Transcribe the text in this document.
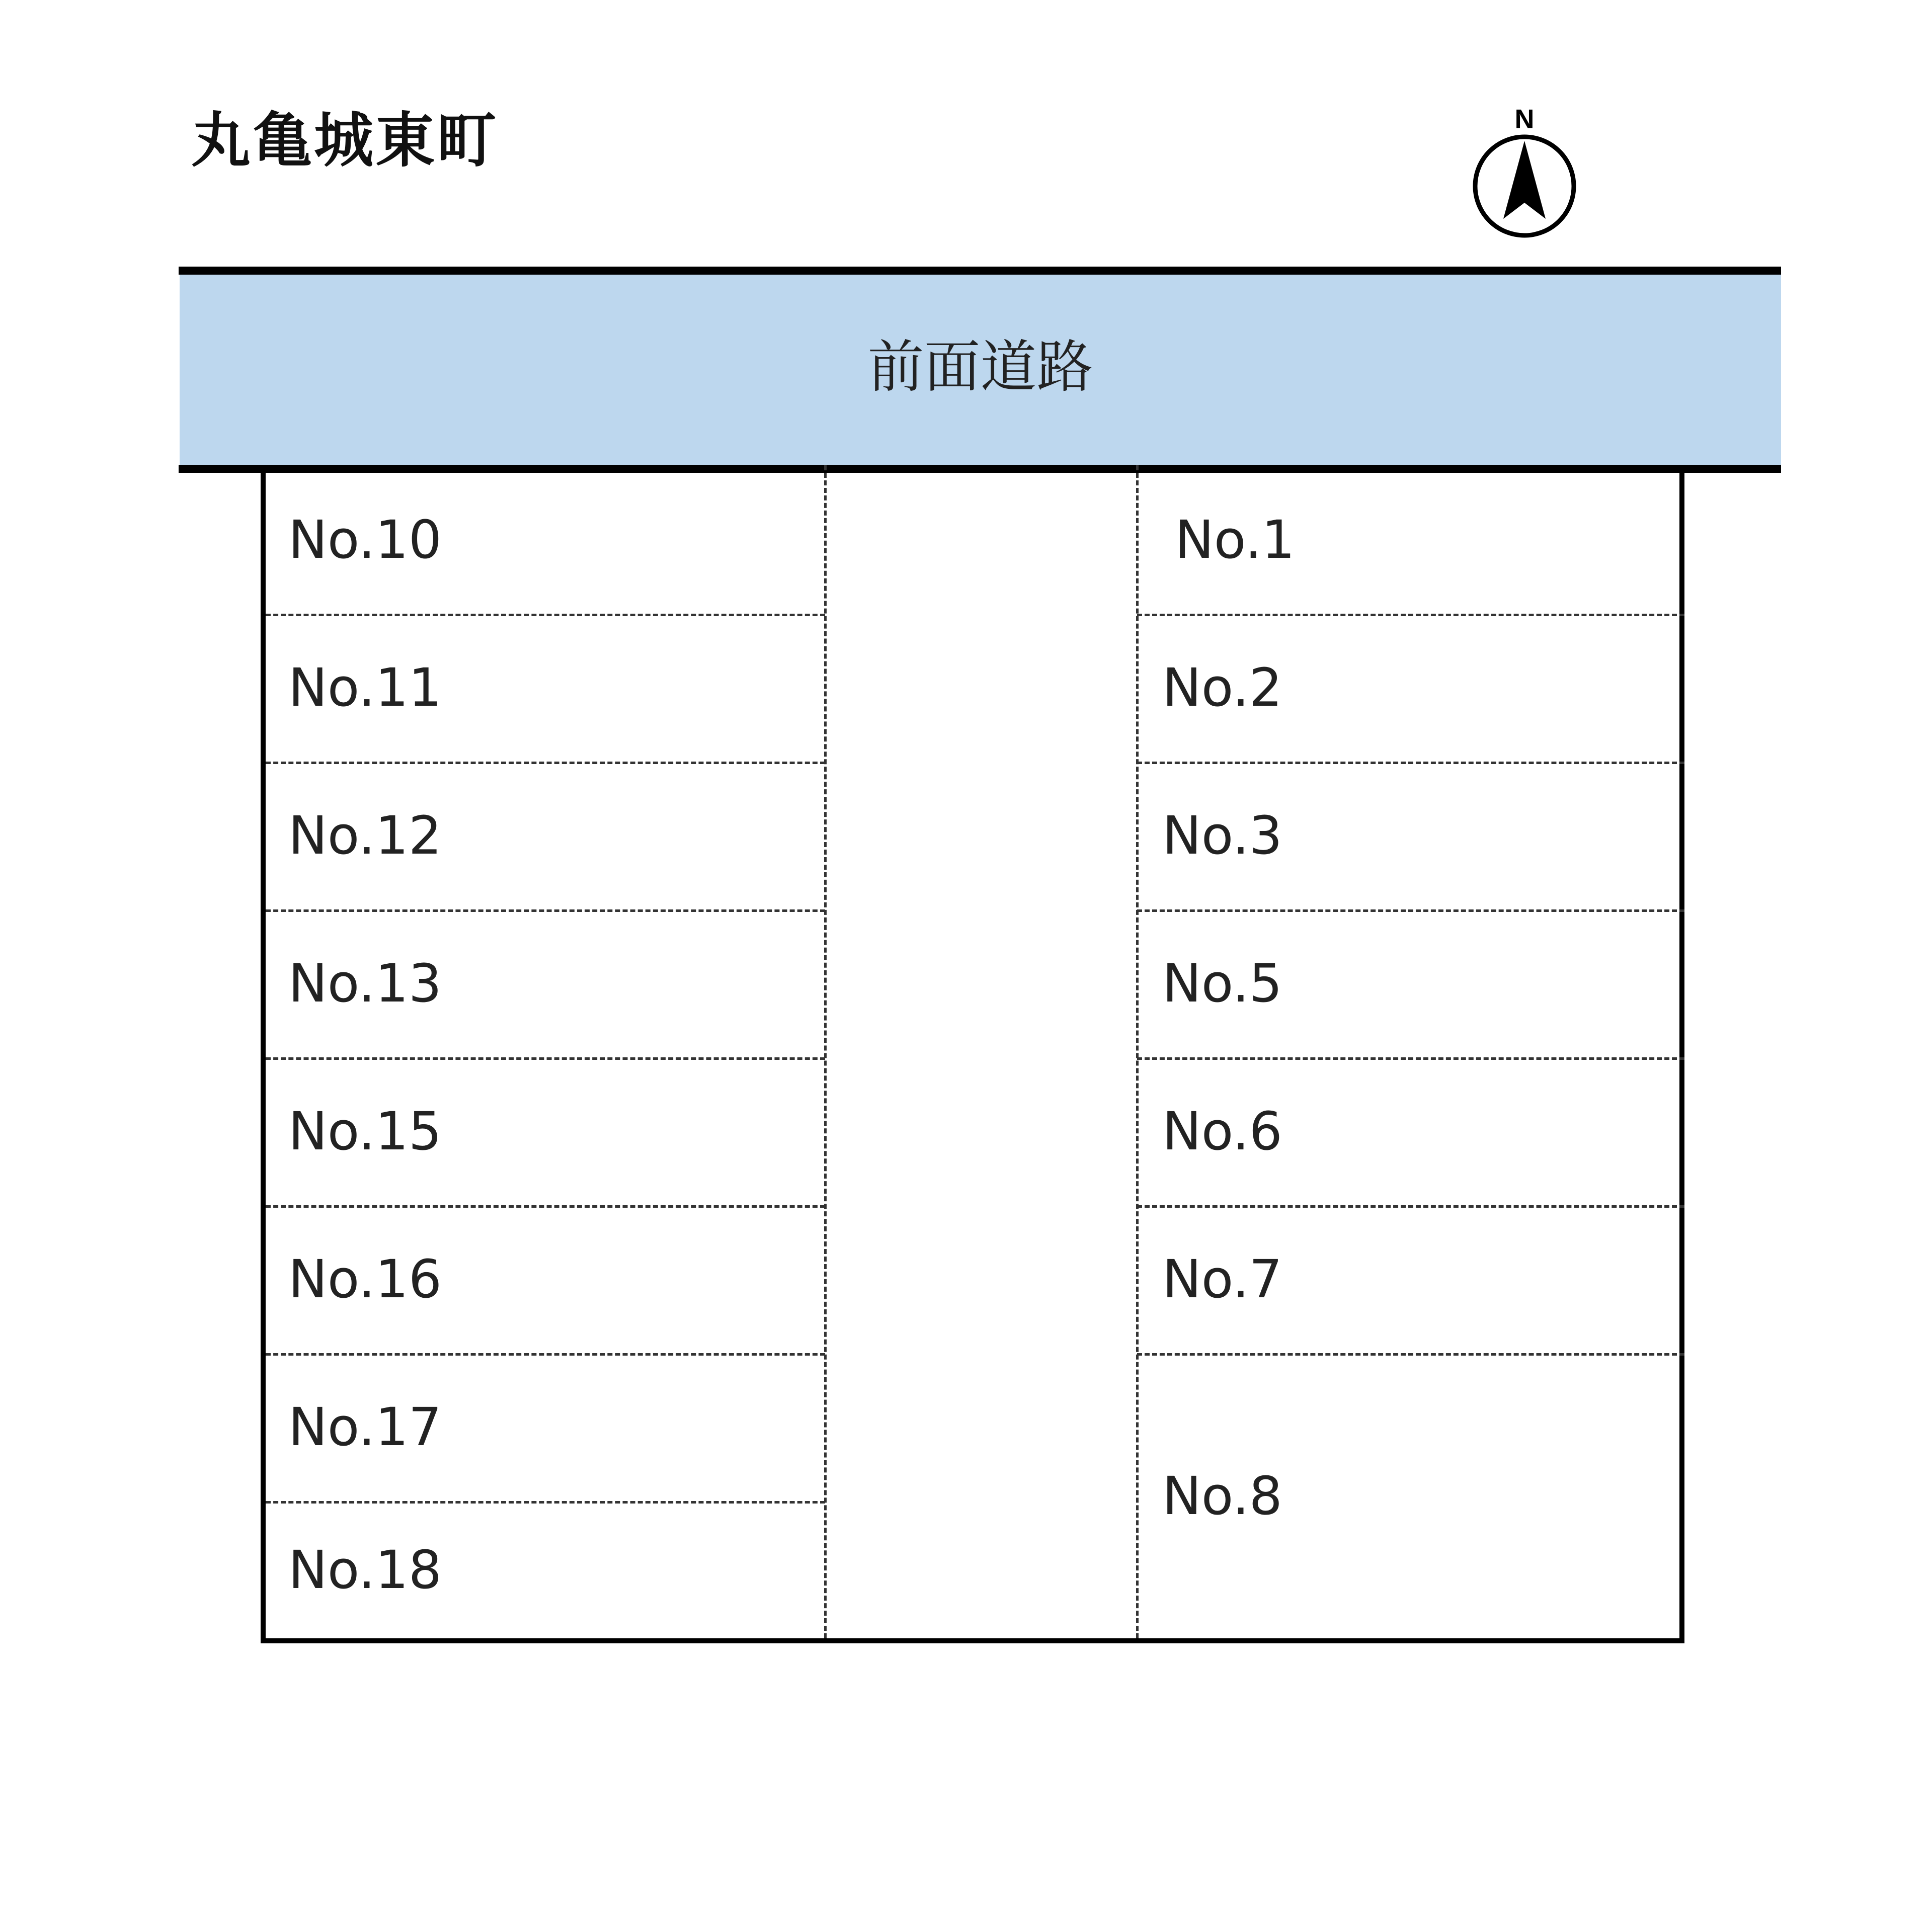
丸亀城東町	N
前面道路
No.10
No.11
No.12
No.13
No.15
No.16
No.17
No.18
No.1
No.2
No.3
No.5
No.6
No.7
No.8
